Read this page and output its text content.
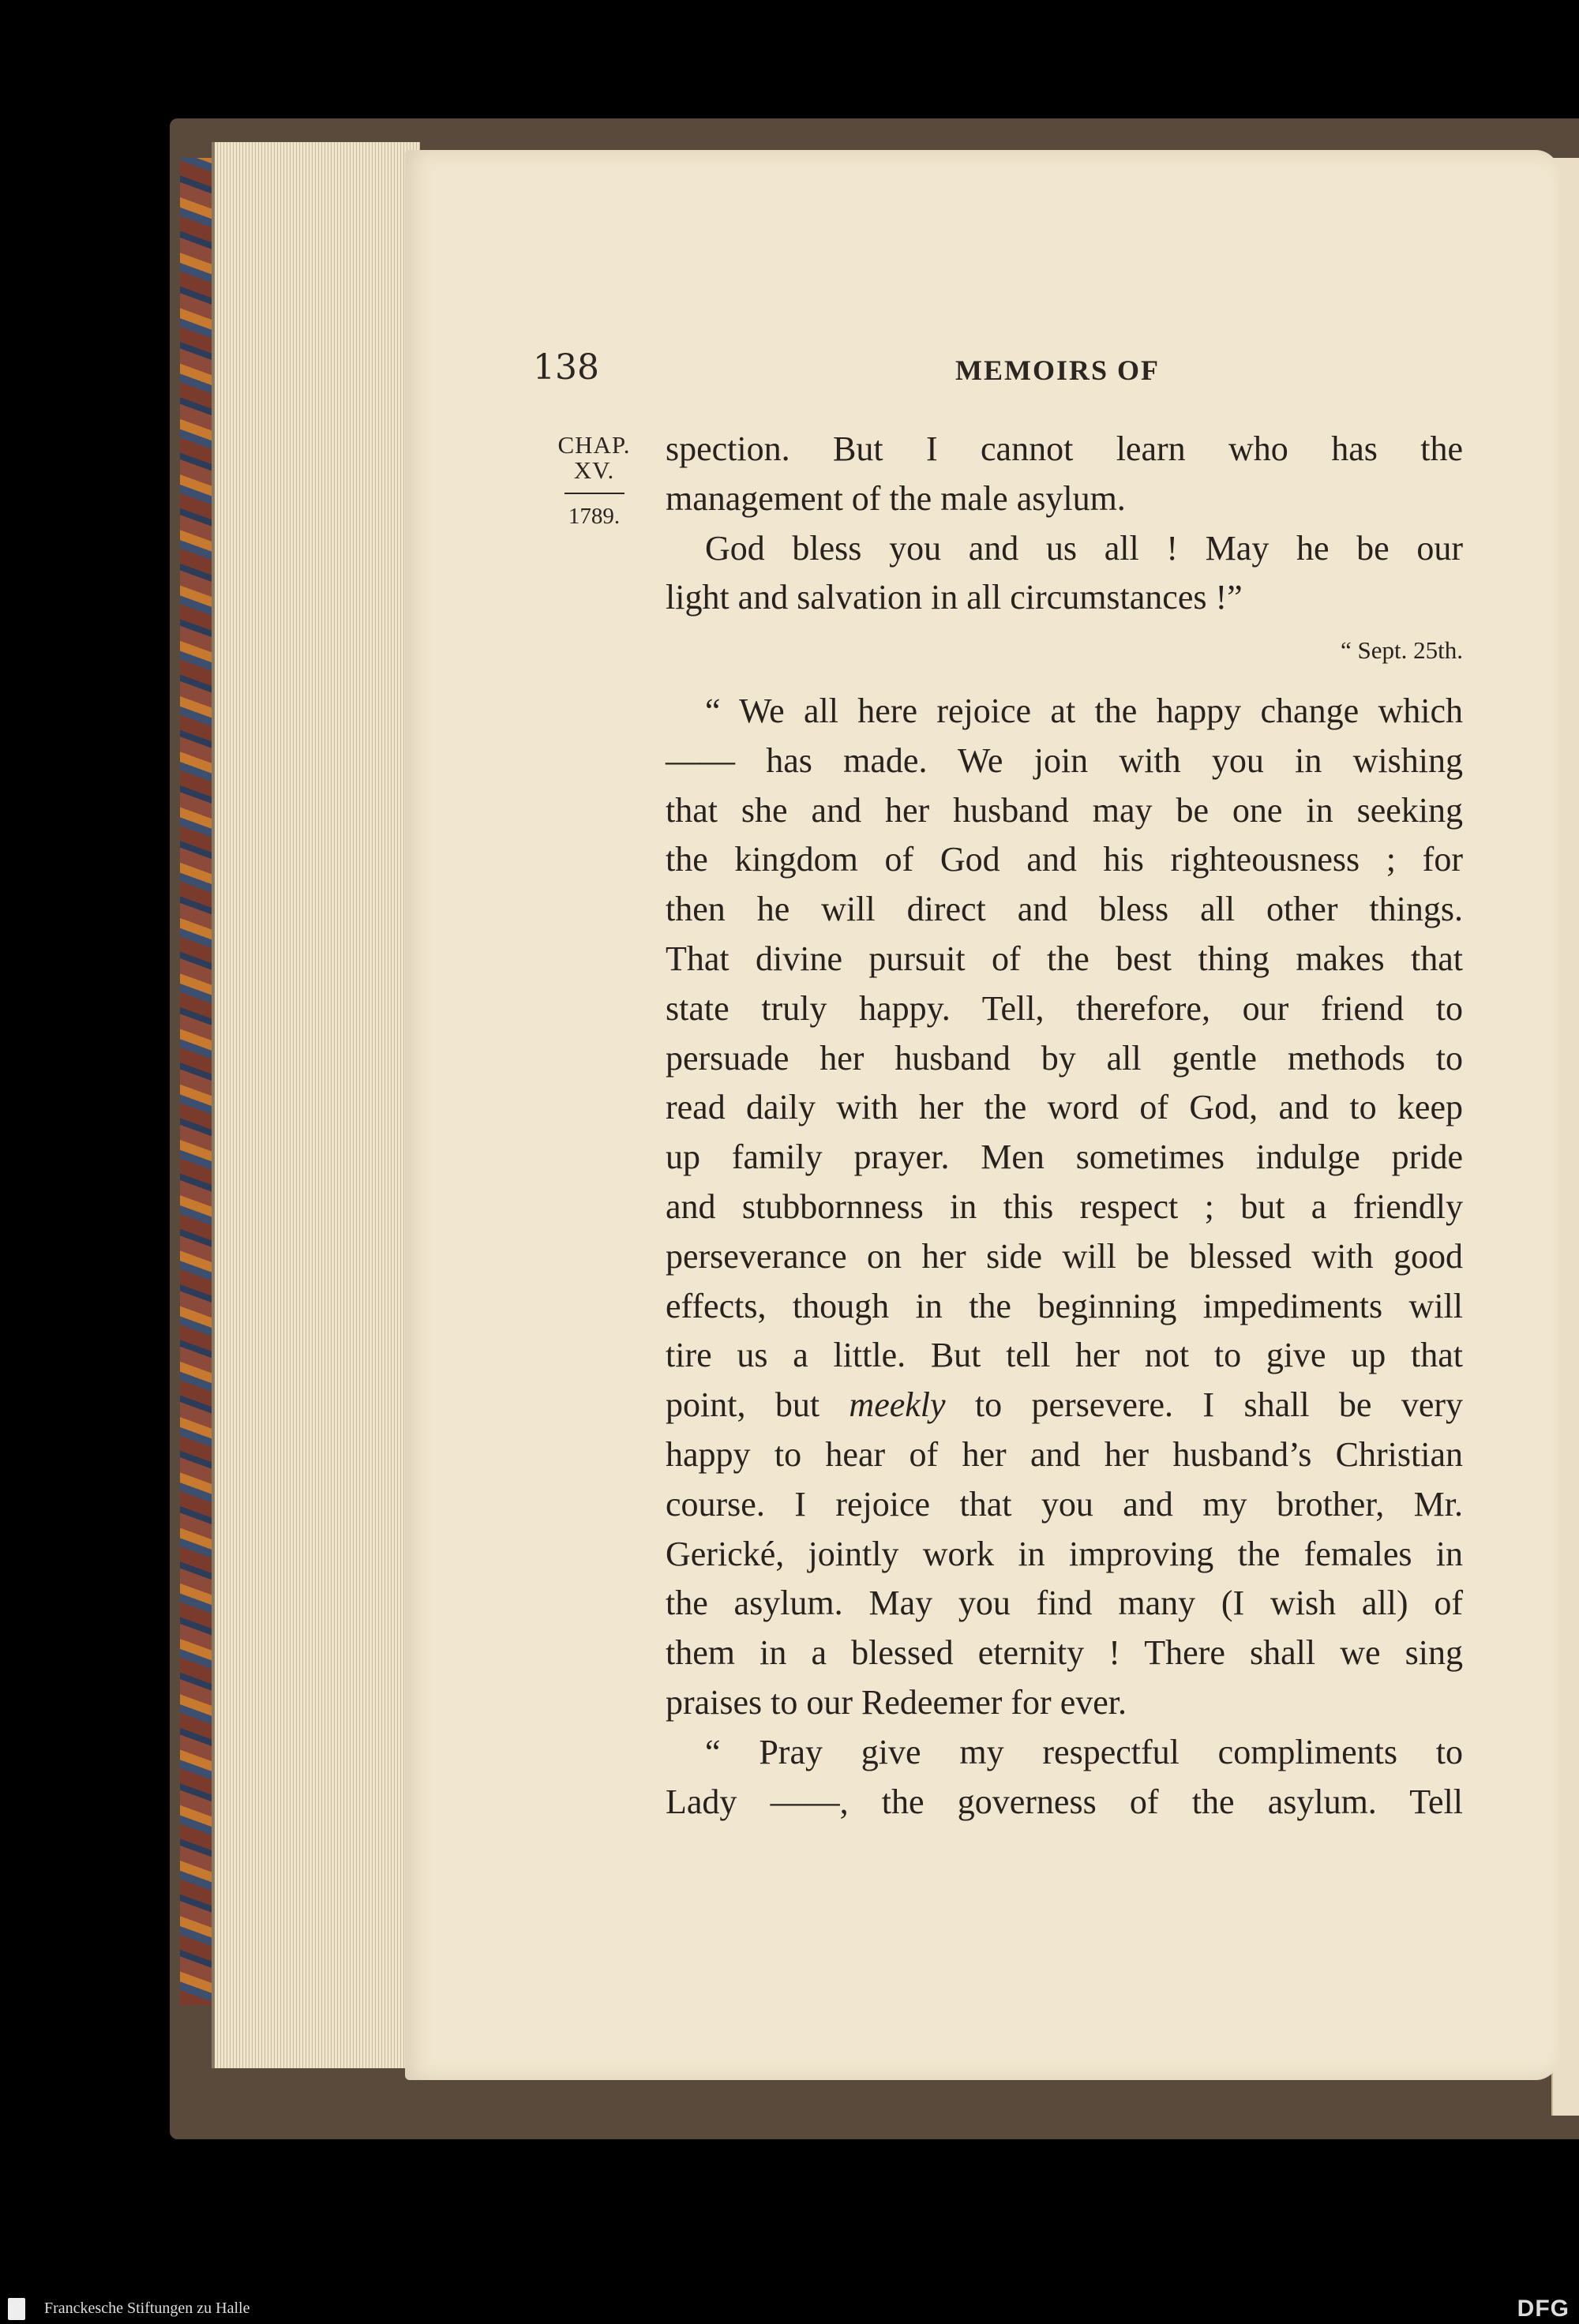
138	MEMOIRS OF
CHAP.
XV.
1789.
spection. But I cannot learn who has the
management of the male asylum.
God bless you and us all ! May he be our
light and salvation in all circumstances !”
“ Sept. 25th.
“ We all here rejoice at the happy change which
—— has made. We join with you in wishing
that she and her husband may be one in seeking
the kingdom of God and his righteousness ; for
then he will direct and bless all other things.
That divine pursuit of the best thing makes that
state truly happy. Tell, therefore, our friend to
persuade her husband by all gentle methods to
read daily with her the word of God, and to keep
up family prayer. Men sometimes indulge pride
and stubbornness in this respect ; but a friendly
perseverance on her side will be blessed with good
effects, though in the beginning impediments will
tire us a little. But tell her not to give up that
point, but meekly to persevere. I shall be very
happy to hear of her and her husband’s Christian
course. I rejoice that you and my brother, Mr.
Gerické, jointly work in improving the females in
the asylum. May you find many (I wish all) of
them in a blessed eternity ! There shall we sing
praises to our Redeemer for ever.
“ Pray give my respectful compliments to
Lady ——, the governess of the asylum. Tell
Franckesche Stiftungen zu Halle	DFG
